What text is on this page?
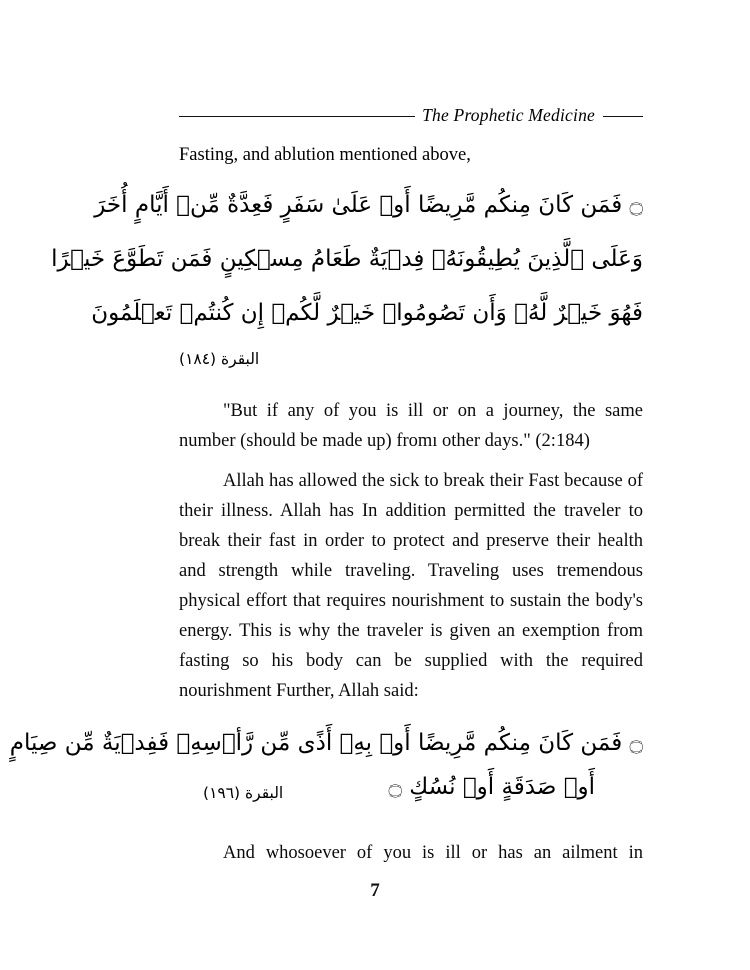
The Prophetic Medicine

Fasting, and ablution mentioned above,

۝ فَمَن كَانَ مِنكُم مَّرِيضًا أَوۡ عَلَىٰ سَفَرٍ فَعِدَّةٌ مِّنۡ أَيَّامٍ أُخَرَ

وَعَلَى ٱلَّذِينَ يُطِيقُونَهُۥ فِدۡيَةٌ طَعَامُ مِسۡكِينٍ فَمَن تَطَوَّعَ خَيۡرًا

فَهُوَ خَيۡرٌ لَّهُۥ وَأَن تَصُومُواۡ خَيۡرٌ لَّكُمۡ إِن كُنتُمۡ تَعۡلَمُونَ

البقرة (١٨٤)

"But if any of you is ill or on a journey, the same number (should be made up) fromı other days." (2:184)

Allah has allowed the sick to break their Fast because of their illness. Allah has In addition permitted the traveler to break their fast in order to protect and preserve their health and strength while traveling. Traveling uses tremendous physical effort that requires nourishment to sustain the body's energy. This is why the traveler is given an exemption from fasting so his body can be supplied with the required nourishment Further, Allah said:

۝ فَمَن كَانَ مِنكُم مَّرِيضًا أَوۡ بِهِۦ أَذًى مِّن رَّأۡسِهِۦ فَفِدۡيَةٌ مِّن صِيَامٍ

أَوۡ صَدَقَةٍ أَوۡ نُسُكٍ ۝
البقرة (١٩٦)

And whosoever of you is ill or has an ailment in

7
